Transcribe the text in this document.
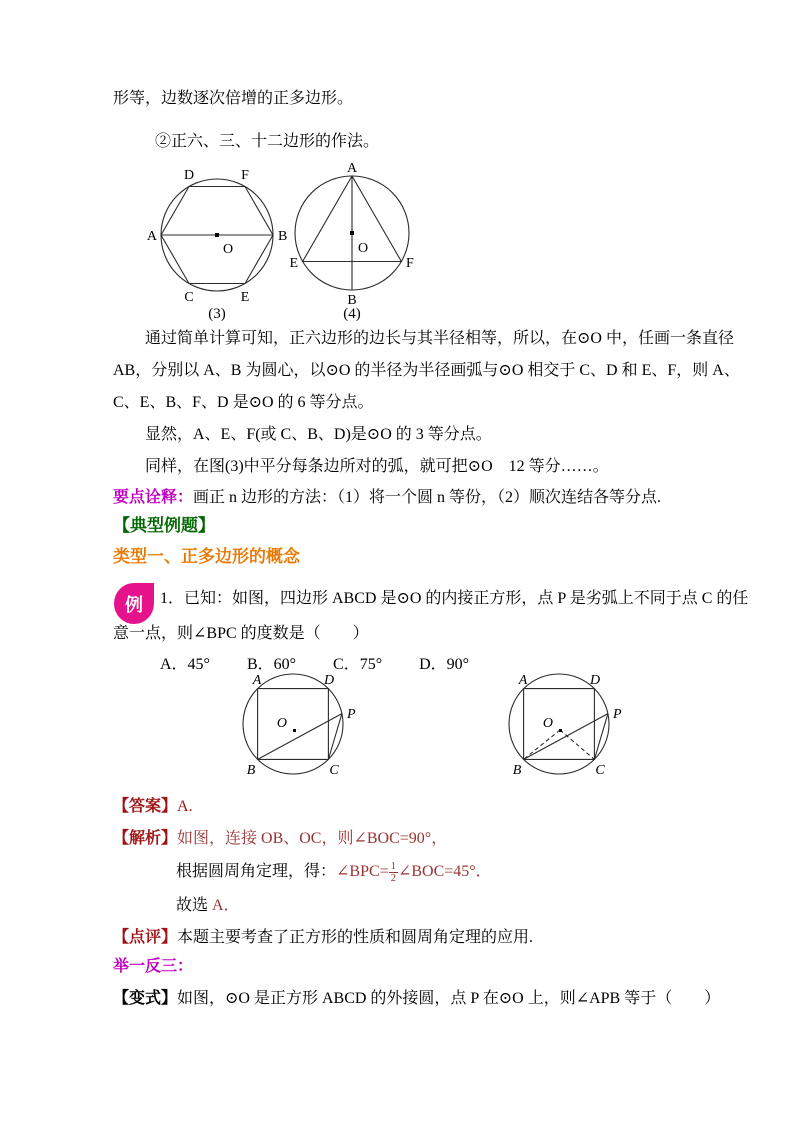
形等，边数逐次倍增的正多边形。
②正六、三、十二边形的作法。
A
D	F
B
C	E
O
(3)
A
E	F
B
O
(4)
通过简单计算可知，正六边形的边长与其半径相等，所以，在⊙O 中，任画一条直径
AB，分别以 A、B 为圆心，以⊙O 的半径为半径画弧与⊙O 相交于 C、D 和 E、F，则 A、
C、E、B、F、D 是⊙O 的 6 等分点。
显然，A、E、F(或 C、B、D)是⊙O 的 3 等分点。
同样，在图(3)中平分每条边所对的弧，就可把⊙O　12 等分……。
要点诠释：画正 n 边形的方法：（1）将一个圆 n 等份，（2）顺次连结各等分点.
【典型例题】
类型一、正多边形的概念
例	1．已知：如图，四边形 ABCD 是⊙O 的内接正方形，点 P 是劣弧上不同于点 C 的任
意一点，则∠BPC 的度数是（　　）
A．45° B．60° C．75° D．90°
A	D
B	C
O
P
A	D
B	C
O
P
【答案】A.
【解析】如图，连接 OB、OC，则∠BOC=90°，
根据圆周角定理，得：∠BPC= $\frac{1}{2}$ ∠BOC=45°．
故选 A．
【点评】本题主要考查了正方形的性质和圆周角定理的应用.
举一反三：
【变式】如图，⊙O 是正方形 ABCD 的外接圆，点 P 在⊙O 上，则∠APB 等于（　　）
